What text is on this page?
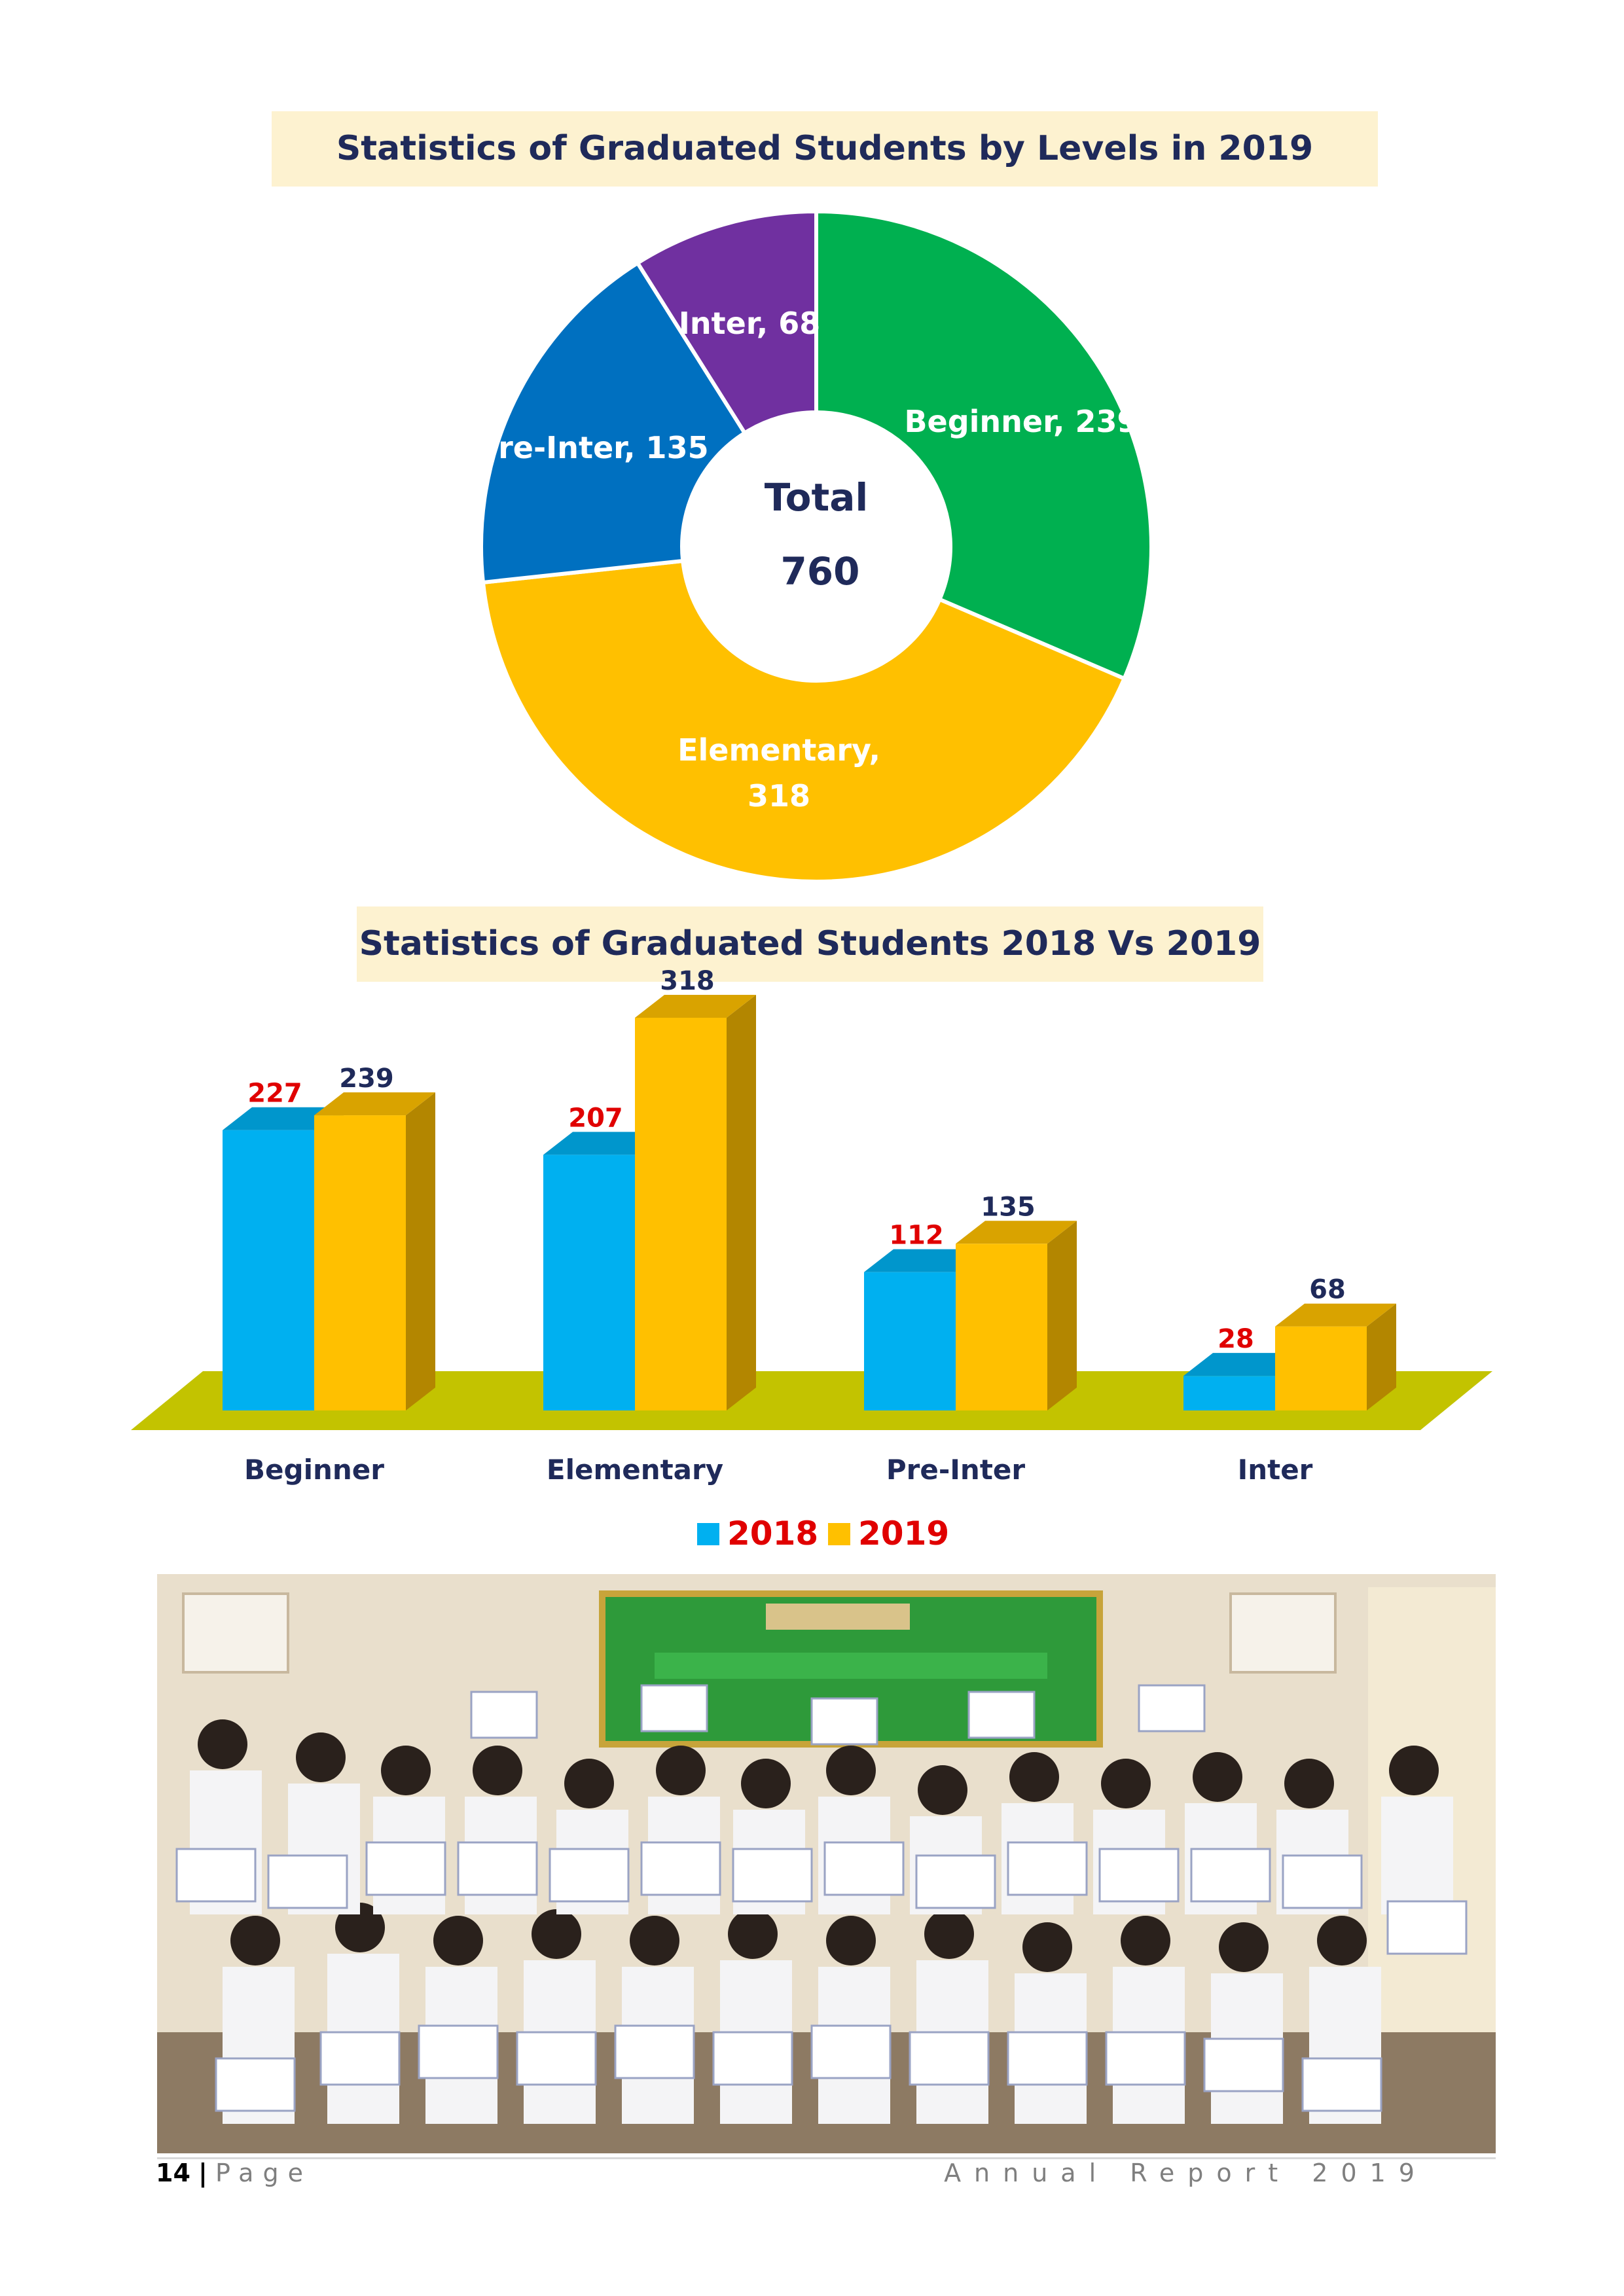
Statistics of Graduated Students by Levels in 2019
Statistics of Graduated Students 2018 Vs 2019
Beginner, 239
Elementary,
318
Pre-Inter, 135
Inter, 68
Total
760
227 239
Beginner
207
318
Elementary
112
135
Pre-Inter
28
68
Inter
2018 2019
14 | Page	Annual Report 2019
